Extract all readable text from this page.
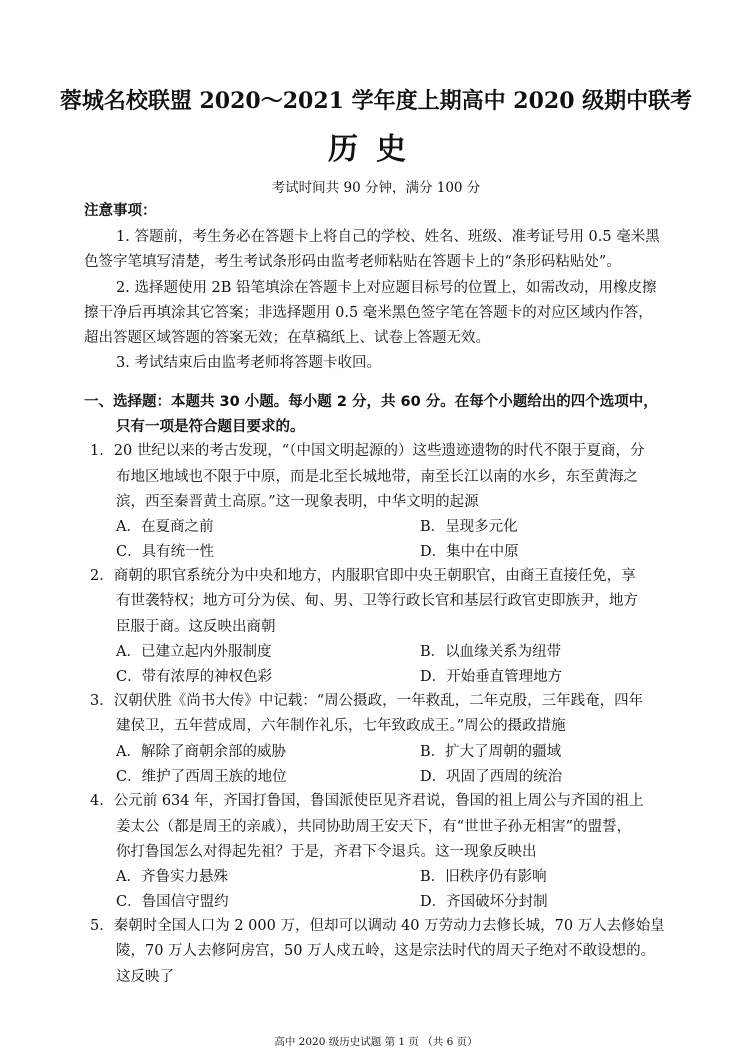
蓉城名校联盟 2020～2021 学年度上期高中 2020 级期中联考
历史
考试时间共 90 分钟，满分 100 分
注意事项：
1. 答题前，考生务必在答题卡上将自己的学校、姓名、班级、准考证号用 0.5 毫米黑
色签字笔填写清楚，考生考试条形码由监考老师粘贴在答题卡上的“条形码粘贴处”。
2. 选择题使用 2B 铅笔填涂在答题卡上对应题目标号的位置上，如需改动，用橡皮擦
擦干净后再填涂其它答案；非选择题用 0.5 毫米黑色签字笔在答题卡的对应区域内作答，
超出答题区域答题的答案无效；在草稿纸上、试卷上答题无效。
3. 考试结束后由监考老师将答题卡收回。
一、选择题：本题共 30 小题。每小题 2 分，共 60 分。在每个小题给出的四个选项中，
只有一项是符合题目要求的。
1．20 世纪以来的考古发现，“（中国文明起源的）这些遗迹遗物的时代不限于夏商，分
布地区地域也不限于中原，而是北至长城地带，南至长江以南的水乡，东至黄海之
滨，西至秦晋黄土高原。”这一现象表明，中华文明的起源
A．在夏商之前	B．呈现多元化
C．具有统一性	D．集中在中原
2．商朝的职官系统分为中央和地方，内服职官即中央王朝职官，由商王直接任免，享
有世袭特权；地方可分为侯、甸、男、卫等行政长官和基层行政官吏即族尹，地方
臣服于商。这反映出商朝
A．已建立起内外服制度	B．以血缘关系为纽带
C．带有浓厚的神权色彩	D．开始垂直管理地方
3．汉朝伏胜《尚书大传》中记载：“周公摄政，一年救乱，二年克殷，三年践奄，四年
建侯卫，五年营成周，六年制作礼乐，七年致政成王。”周公的摄政措施
A．解除了商朝余部的威胁	B．扩大了周朝的疆域
C．维护了西周王族的地位	D．巩固了西周的统治
4．公元前 634 年，齐国打鲁国，鲁国派使臣见齐君说，鲁国的祖上周公与齐国的祖上
姜太公（都是周王的亲戚），共同协助周王安天下，有“世世子孙无相害”的盟誓，
你打鲁国怎么对得起先祖？于是，齐君下令退兵。这一现象反映出
A．齐鲁实力悬殊	B．旧秩序仍有影响
C．鲁国信守盟约	D．齐国破坏分封制
5．秦朝时全国人口为 2 000 万，但却可以调动 40 万劳动力去修长城，70 万人去修始皇
陵，70 万人去修阿房宫，50 万人戍五岭，这是宗法时代的周天子绝对不敢设想的。
这反映了
高中 2020 级历史试题 第 1 页 （共 6 页）
